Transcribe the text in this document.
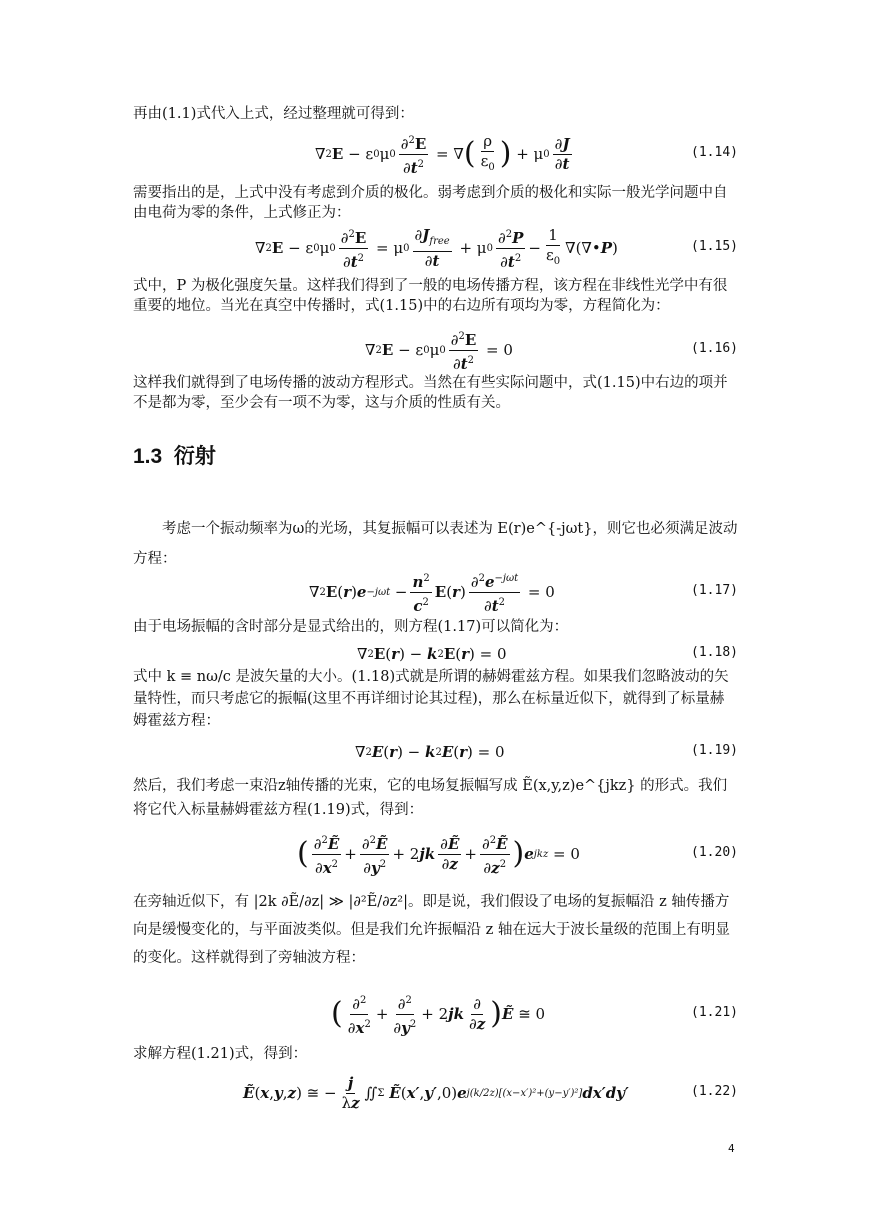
再由(1.1)式代入上式，经过整理就可得到：
∇ 2 E − ε 0 μ $0 \frac{\partial^2E}{\partial t^2}$ = ∇ ( $\frac{\rho}{\varepsilon_0}$ ) + μ $0 \frac{\partial J}{\partial t}$	(1.14)
需要指出的是，上式中没有考虑到介质的极化。弱考虑到介质的极化和实际一般光学问题中自由电荷为零的条件，上式修正为：
∇ 2 E − ε 0 μ $0 \frac{\partial^2E}{\partial t^2} = \mu$ $0 \frac{\partial J_{free}}{\partial t} + \mu$ $0 \frac{\partial^2P}{\partial t^2} - \frac{1}{\varepsilon_0}$ ∇(∇• P )	(1.15)
式中，P 为极化强度矢量。这样我们得到了一般的电场传播方程，该方程在非线性光学中有很重要的地位。当光在真空中传播时，式(1.15)中的右边所有项均为零，方程简化为：
∇ 2 E − ε 0 μ $0 \frac{\partial^2E}{\partial t^2} = 0$	(1.16)
这样我们就得到了电场传播的波动方程形式。当然在有些实际问题中，式(1.15)中右边的项并不是都为零，至少会有一项不为零，这与介质的性质有关。
1.3 衍射
考虑一个振动频率为ω的光场，其复振幅可以表述为 E(r)e^{-jωt}，则它也必须满足波动方程：
∇ 2 E ( r ) $e -j\omega t - \frac{n^2}{c^2}$ E ( r ) $\frac{\partial^2e^{-j\omega t}}{\partial t^2} = 0$	(1.17)
由于电场振幅的含时部分是显式给出的，则方程(1.17)可以简化为：
∇ 2 E ( r ) − k 2 E ( r ) = 0	(1.18)
式中 k ≡ nω/c 是波矢量的大小。(1.18)式就是所谓的赫姆霍兹方程。如果我们忽略波动的矢量特性，而只考虑它的振幅(这里不再详细讨论其过程)，那么在标量近似下，就得到了标量赫姆霍兹方程：
∇ 2 E ( r ) − k 2 E ( r ) = 0	(1.19)
然后，我们考虑一束沿z轴传播的光束，它的电场复振幅写成 Ẽ(x,y,z)e^{jkz} 的形式。我们将它代入标量赫姆霍兹方程(1.19)式，得到：
( $\frac{\partial^2Ẽ}{\partial x^2} + \frac{\partial^2Ẽ}{\partial y^2} + 2$ jk $\frac{\text{∂Ẽ}}{\partial z} + \frac{\partial^2Ẽ}{\partial z^2}$ ) e jkz = 0	(1.20)
在旁轴近似下，有 |2k ∂Ẽ/∂z| ≫ |∂²Ẽ/∂z²|。即是说，我们假设了电场的复振幅沿 z 轴传播方向是缓慢变化的，与平面波类似。但是我们允许振幅沿 z 轴在远大于波长量级的范围上有明显的变化。这样就得到了旁轴波方程：
( $\frac{\partial^2}{\partial x^2} + \frac{\partial^2}{\partial y^2} + 2$ jk $\frac{\partial}{\partial z}$ ) Ẽ ≅ 0	(1.21)
求解方程(1.21)式，得到：
Ẽ ( x , y , z ) ≅ − $\frac{j}{\lambda z}$ ∬ Σ
Ẽ ( x′ , y′ ,0) e j(k/2z)[(x−x′)²+(y−y′)²] dx′dy′	(1.22)
4
